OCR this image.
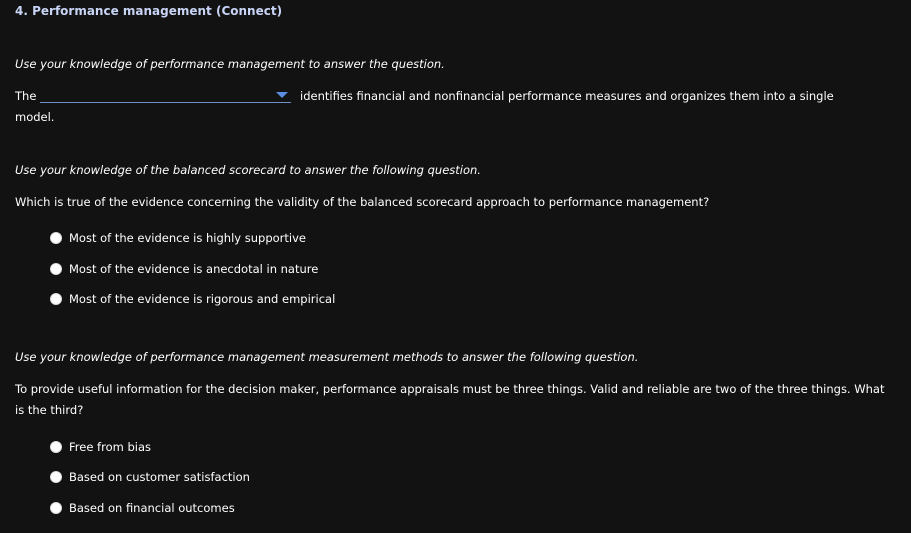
4. Performance management (Connect)
Use your knowledge of performance management to answer the question.
The	identifies financial and nonfinancial performance measures and organizes them into a single
model.
Use your knowledge of the balanced scorecard to answer the following question.
Which is true of the evidence concerning the validity of the balanced scorecard approach to performance management?
Most of the evidence is highly supportive
Most of the evidence is anecdotal in nature
Most of the evidence is rigorous and empirical
Use your knowledge of performance management measurement methods to answer the following question.
To provide useful information for the decision maker, performance appraisals must be three things. Valid and reliable are two of the three things. What
is the third?
Free from bias
Based on customer satisfaction
Based on financial outcomes
